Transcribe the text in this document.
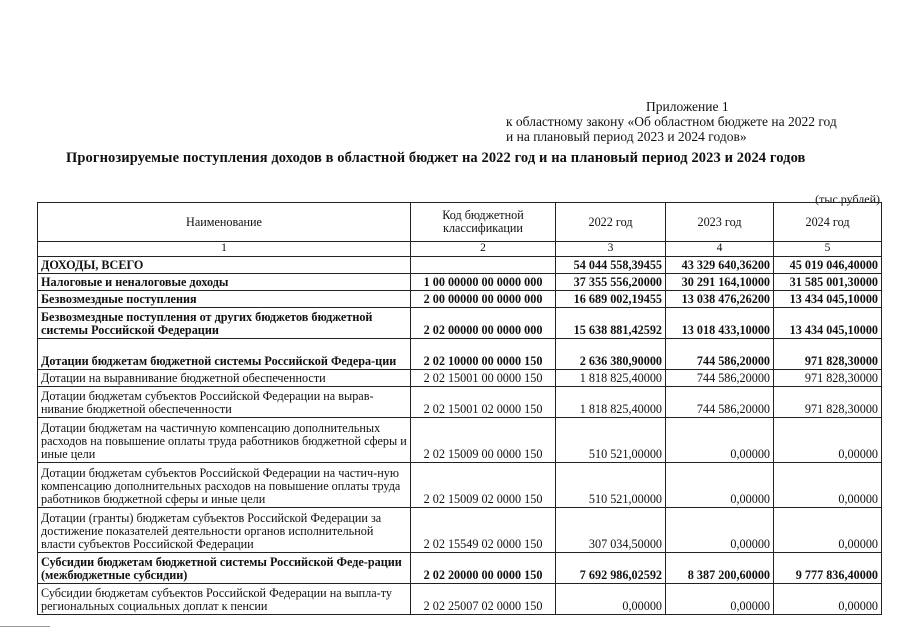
Приложение 1
к областному закону «Об областном бюджете на 2022 год
и на плановый период 2023 и 2024 годов»
Прогнозируемые поступления доходов в областной бюджет на 2022 год и на плановый период 2023 и 2024 годов
(тыс.рублей)
Наименование	Код бюджетной классификации	2022 год	2023 год	2024 год
1	2	3	4	5
ДОХОДЫ, ВСЕГО		54 044 558,39455	43 329 640,36200	45 019 046,40000
Налоговые и неналоговые доходы	1 00 00000 00 0000 000	37 355 556,20000	30 291 164,10000	31 585 001,30000
Безвозмездные поступления	2 00 00000 00 0000 000	16 689 002,19455	13 038 476,26200	13 434 045,10000
Безвозмездные поступления от других бюджетов бюджетной системы Российской Федерации	2 02 00000 00 0000 000	15 638 881,42592	13 018 433,10000	13 434 045,10000
Дотации бюджетам бюджетной системы Российской Федера-ции	2 02 10000 00 0000 150	2 636 380,90000	744 586,20000	971 828,30000
Дотации на выравнивание бюджетной обеспеченности	2 02 15001 00 0000 150	1 818 825,40000	744 586,20000	971 828,30000
Дотации бюджетам субъектов Российской Федерации на вырав-нивание бюджетной обеспеченности	2 02 15001 02 0000 150	1 818 825,40000	744 586,20000	971 828,30000
Дотации бюджетам на частичную компенсацию дополнительных расходов на повышение оплаты труда работников бюджетной сферы и иные цели	2 02 15009 00 0000 150	510 521,00000	0,00000	0,00000
Дотации бюджетам субъектов Российской Федерации на частич-ную компенсацию дополнительных расходов на повышение оплаты труда работников бюджетной сферы и иные цели	2 02 15009 02 0000 150	510 521,00000	0,00000	0,00000
Дотации (гранты) бюджетам субъектов Российской Федерации за достижение показателей деятельности органов исполнительной власти субъектов Российской Федерации	2 02 15549 02 0000 150	307 034,50000	0,00000	0,00000
Субсидии бюджетам бюджетной системы Российской Феде-рации (межбюджетные субсидии)	2 02 20000 00 0000 150	7 692 986,02592	8 387 200,60000	9 777 836,40000
Субсидии бюджетам субъектов Российской Федерации на выпла-ту региональных социальных доплат к пенсии	2 02 25007 02 0000 150	0,00000	0,00000	0,00000
